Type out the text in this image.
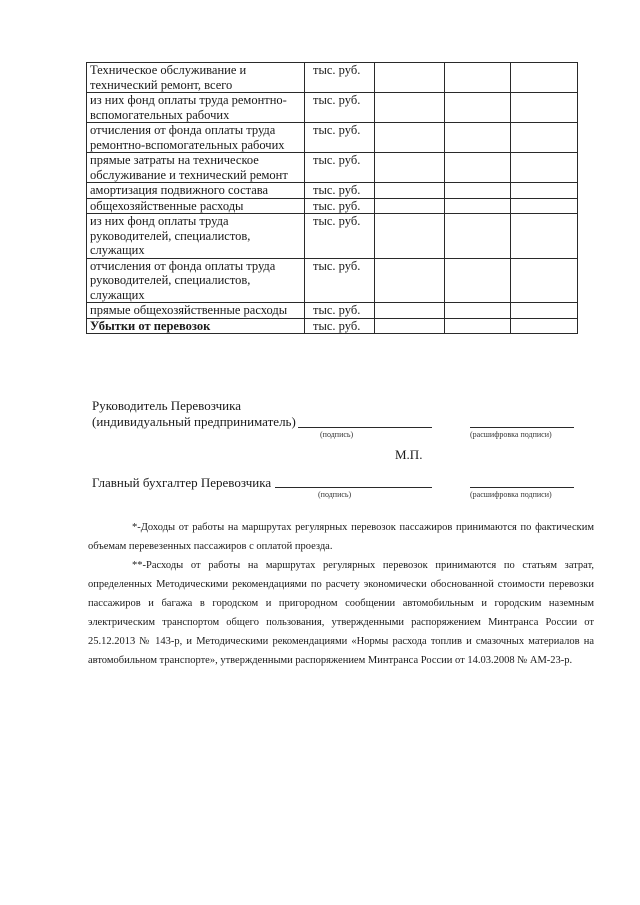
Техническое обслуживание и технический ремонт, всего	тыс. руб.			
из них фонд оплаты труда ремонтно-вспомогательных рабочих	тыс. руб.			
отчисления от фонда оплаты труда ремонтно-вспомогательных рабочих	тыс. руб.			
прямые затраты на техническое обслуживание и технический ремонт	тыс. руб.			
амортизация подвижного состава	тыс. руб.			
общехозяйственные расходы	тыс. руб.			
из них фонд оплаты труда руководителей, специалистов, служащих	тыс. руб.			
отчисления от фонда оплаты труда руководителей, специалистов, служащих	тыс. руб.			
прямые общехозяйственные расходы	тыс. руб.			
Убытки от перевозок	тыс. руб.			
Руководитель Перевозчика
(индивидуальный предприниматель)
(подпись)	(расшифровка подписи)
М.П.
Главный бухгалтер Перевозчика
(подпись)	(расшифровка подписи)

*-Доходы от работы на маршрутах регулярных перевозок пассажиров принимаются по фактическим объемам перевезенных пассажиров с оплатой проезда.

**-Расходы от работы на маршрутах регулярных перевозок принимаются по статьям затрат, определенных Методическими рекомендациями по расчету экономически обоснованной стоимости перевозки пассажиров и багажа в городском и пригородном сообщении автомобильным и городским наземным электрическим транспортом общего пользования, утвержденными распоряжением Минтранса России от 25.12.2013 № 143-р, и Методическими рекомендациями «Нормы расхода топлив и смазочных материалов на автомобильном транспорте», утвержденными распоряжением Минтранса России от 14.03.2008 № АМ-23-р.
